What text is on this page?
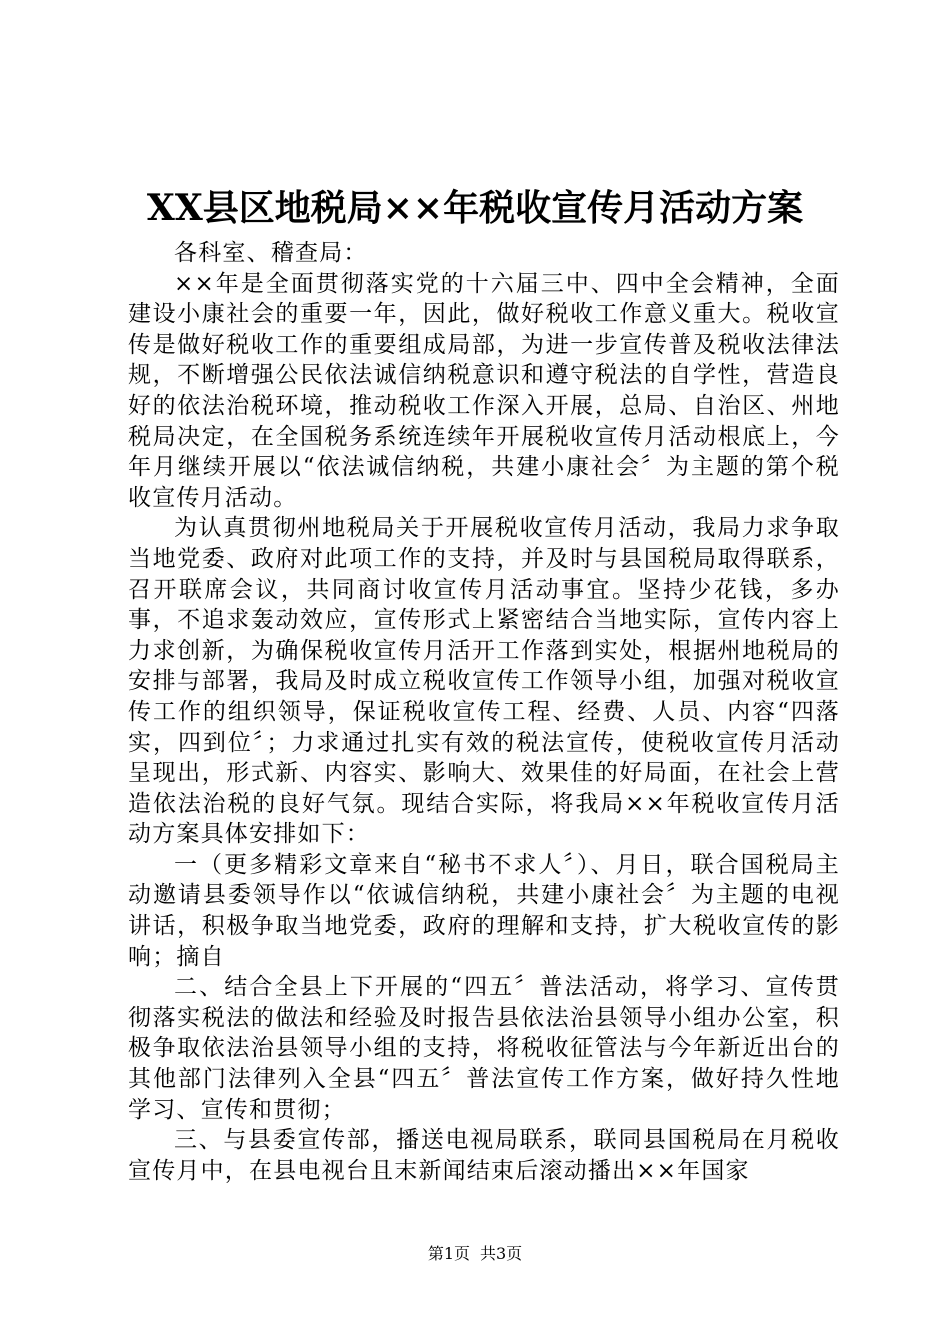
XX县区地税局××年税收宣传月活动方案

各科室、稽查局：

××年是全面贯彻落实党的十六届三中、四中全会精神，全面建设小康社会的重要一年，因此，做好税收工作意义重大。税收宣传是做好税收工作的重要组成局部，为进一步宣传普及税收法律法规，不断增强公民依法诚信纳税意识和遵守税法的自学性，营造良好的依法治税环境，推动税收工作深入开展，总局、自治区、州地税局决定，在全国税务系统连续年开展税收宣传月活动根底上，今年月继续开展以“依法诚信纳税，共建小康社会〞为主题的第个税收宣传月活动。

为认真贯彻州地税局关于开展税收宣传月活动，我局力求争取当地党委、政府对此项工作的支持，并及时与县国税局取得联系，召开联席会议，共同商讨收宣传月活动事宜。坚持少花钱，多办事，不追求轰动效应，宣传形式上紧密结合当地实际，宣传内容上力求创新，为确保税收宣传月活开工作落到实处，根据州地税局的安排与部署，我局及时成立税收宣传工作领导小组，加强对税收宣传工作的组织领导，保证税收宣传工程、经费、人员、内容“四落实，四到位〞；力求通过扎实有效的税法宣传，使税收宣传月活动呈现出，形式新、内容实、影响大、效果佳的好局面，在社会上营造依法治税的良好气氛。现结合实际，将我局××年税收宣传月活动方案具体安排如下：

一（更多精彩文章来自“秘书不求人〞）、月日，联合国税局主动邀请县委领导作以“依诚信纳税，共建小康社会〞为主题的电视讲话，积极争取当地党委，政府的理解和支持，扩大税收宣传的影响；摘自

二、结合全县上下开展的“四五〞普法活动，将学习、宣传贯彻落实税法的做法和经验及时报告县依法治县领导小组办公室，积极争取依法治县领导小组的支持，将税收征管法与今年新近出台的其他部门法律列入全县“四五〞普法宣传工作方案，做好持久性地学习、宣传和贯彻；

三、与县委宣传部，播送电视局联系，联同县国税局在月税收宣传月中，在县电视台且末新闻结束后滚动播出××年国家

第1页 共3页
